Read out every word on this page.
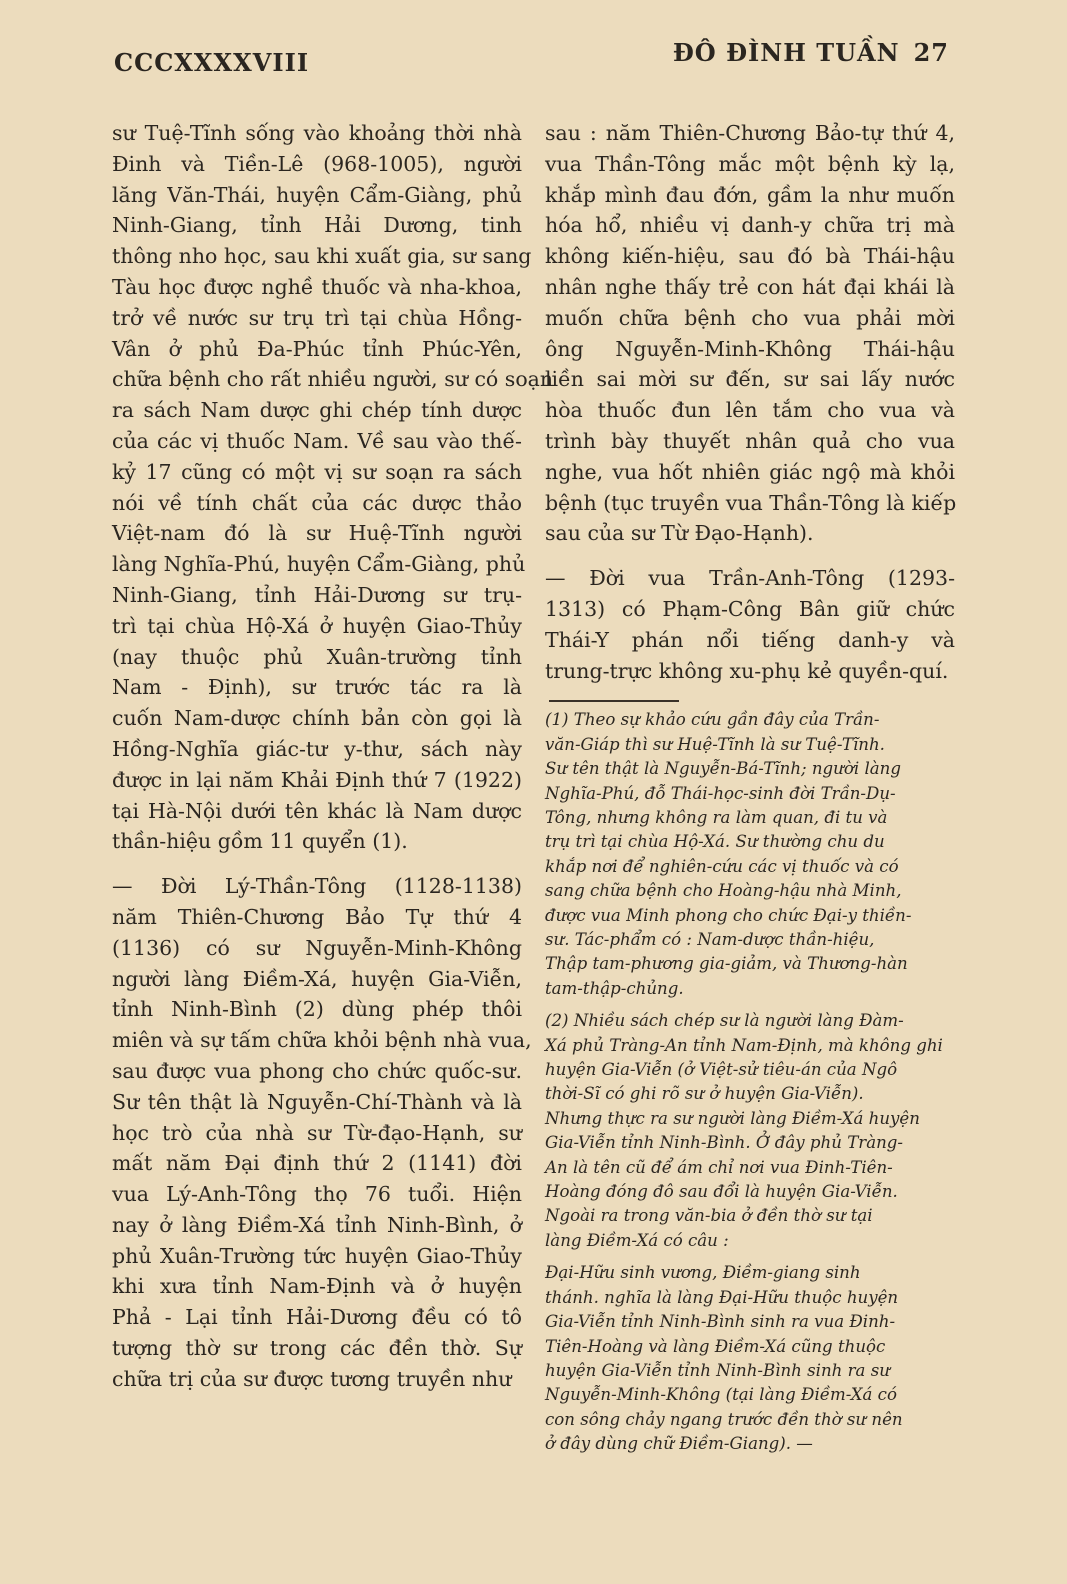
CCCXXXXVIII	ĐÔ ĐÌNH TUẦN 27
sư Tuệ-Tĩnh sống vào khoảng thời nhà
Đinh và Tiền-Lê (968-1005), người
lăng Văn-Thái, huyện Cẩm-Giàng, phủ
Ninh-Giang, tỉnh Hải Dương, tinh
thông nho học, sau khi xuất gia, sư sang
Tàu học được nghề thuốc và nha-khoa,
trở về nước sư trụ trì tại chùa Hồng-
Vân ở phủ Đa-Phúc tỉnh Phúc-Yên,
chữa bệnh cho rất nhiều người, sư có soạn
ra sách Nam dược ghi chép tính dược
của các vị thuốc Nam. Về sau vào thế-
kỷ 17 cũng có một vị sư soạn ra sách
nói về tính chất của các dược thảo
Việt-nam đó là sư Huệ-Tĩnh người
làng Nghĩa-Phú, huyện Cẩm-Giàng, phủ
Ninh-Giang, tỉnh Hải-Dương sư trụ-
trì tại chùa Hộ-Xá ở huyện Giao-Thủy
(nay thuộc phủ Xuân-trường tỉnh
Nam - Định), sư trước tác ra là
cuốn Nam-dược chính bản còn gọi là
Hồng-Nghĩa giác-tư y-thư, sách này
được in lại năm Khải Định thứ 7 (1922)
tại Hà-Nội dưới tên khác là Nam dược
thần-hiệu gồm 11 quyển (1).
— Đời Lý-Thần-Tông (1128-1138)
năm Thiên-Chương Bảo Tự thứ 4
(1136) có sư Nguyễn-Minh-Không
người làng Điềm-Xá, huyện Gia-Viễn,
tỉnh Ninh-Bình (2) dùng phép thôi
miên và sự tấm chữa khỏi bệnh nhà vua,
sau được vua phong cho chức quốc-sư.
Sư tên thật là Nguyễn-Chí-Thành và là
học trò của nhà sư Từ-đạo-Hạnh, sư
mất năm Đại định thứ 2 (1141) đời
vua Lý-Anh-Tông thọ 76 tuổi. Hiện
nay ở làng Điềm-Xá tỉnh Ninh-Bình, ở
phủ Xuân-Trường tức huyện Giao-Thủy
khi xưa tỉnh Nam-Định và ở huyện
Phả - Lại tỉnh Hải-Dương đều có tô
tượng thờ sư trong các đền thờ. Sự
chữa trị của sư được tương truyền như
sau : năm Thiên-Chương Bảo-tự thứ 4,
vua Thần-Tông mắc một bệnh kỳ lạ,
khắp mình đau đớn, gầm la như muốn
hóa hổ, nhiều vị danh-y chữa trị mà
không kiến-hiệu, sau đó bà Thái-hậu
nhân nghe thấy trẻ con hát đại khái là
muốn chữa bệnh cho vua phải mời
ông Nguyễn-Minh-Không Thái-hậu
liền sai mời sư đến, sư sai lấy nước
hòa thuốc đun lên tắm cho vua và
trình bày thuyết nhân quả cho vua
nghe, vua hốt nhiên giác ngộ mà khỏi
bệnh (tục truyền vua Thần-Tông là kiếp
sau của sư Từ Đạo-Hạnh).
— Đời vua Trần-Anh-Tông (1293-
1313) có Phạm-Công Bân giữ chức
Thái-Y phán nổi tiếng danh-y và
trung-trực không xu-phụ kẻ quyền-quí.
(1) Theo sự khảo cứu gần đây của Trần-
văn-Giáp thì sư Huệ-Tĩnh là sư Tuệ-Tĩnh.
Sư tên thật là Nguyễn-Bá-Tĩnh; người làng
Nghĩa-Phú, đỗ Thái-học-sinh đời Trần-Dụ-
Tông, nhưng không ra làm quan, đi tu và
trụ trì tại chùa Hộ-Xá. Sư thường chu du
khắp nơi để nghiên-cứu các vị thuốc và có
sang chữa bệnh cho Hoàng-hậu nhà Minh,
được vua Minh phong cho chức Đại-y thiền-
sư. Tác-phẩm có : Nam-dược thần-hiệu,
Thập tam-phương gia-giảm, và Thương-hàn
tam-thập-chủng.
(2) Nhiều sách chép sư là người làng Đàm-
Xá phủ Tràng-An tỉnh Nam-Định, mà không ghi
huyện Gia-Viễn (ở Việt-sử tiêu-án của Ngô
thời-Sĩ có ghi rõ sư ở huyện Gia-Viễn).
Nhưng thực ra sư người làng Điềm-Xá huyện
Gia-Viễn tỉnh Ninh-Bình. Ở đây phủ Tràng-
An là tên cũ để ám chỉ nơi vua Đinh-Tiên-
Hoàng đóng đô sau đổi là huyện Gia-Viễn.
Ngoài ra trong văn-bia ở đền thờ sư tại
làng Điềm-Xá có câu :
Đại-Hữu sinh vương, Điềm-giang sinh
thánh. nghĩa là làng Đại-Hữu thuộc huyện
Gia-Viễn tỉnh Ninh-Bình sinh ra vua Đinh-
Tiên-Hoàng và làng Điềm-Xá cũng thuộc
huyện Gia-Viễn tỉnh Ninh-Bình sinh ra sư
Nguyễn-Minh-Không (tại làng Điềm-Xá có
con sông chảy ngang trước đền thờ sư nên
ở đây dùng chữ Điềm-Giang). —
